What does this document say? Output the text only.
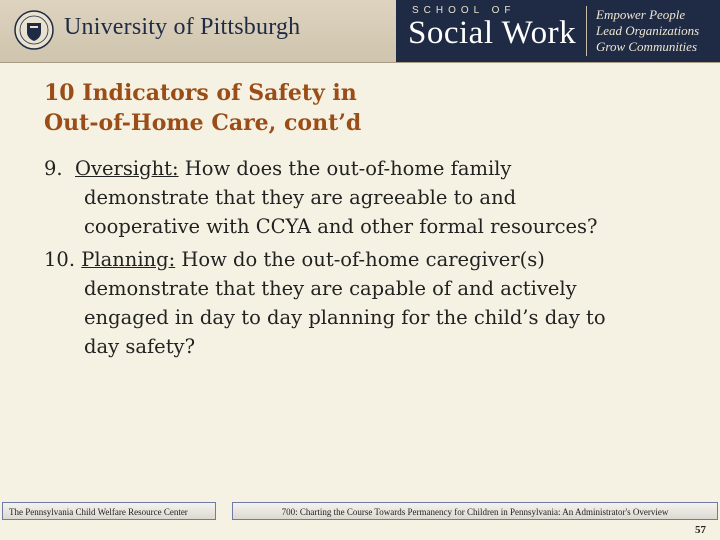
University of Pittsburgh
SCHOOL OF
Social Work
Empower People
Lead Organizations
Grow Communities
10 Indicators of Safety in
Out-of-Home Care, cont’d
9. Oversight: How does the out-of-home family
demonstrate that they are agreeable to and
cooperative with CCYA and other formal resources?
10. Planning: How do the out-of-home caregiver(s)
demonstrate that they are capable of and actively
engaged in day to day planning for the child’s day to
day safety?
The Pennsylvania Child Welfare Resource Center	700: Charting the Course Towards Permanency for Children in Pennsylvania: An Administrator's Overview
57
